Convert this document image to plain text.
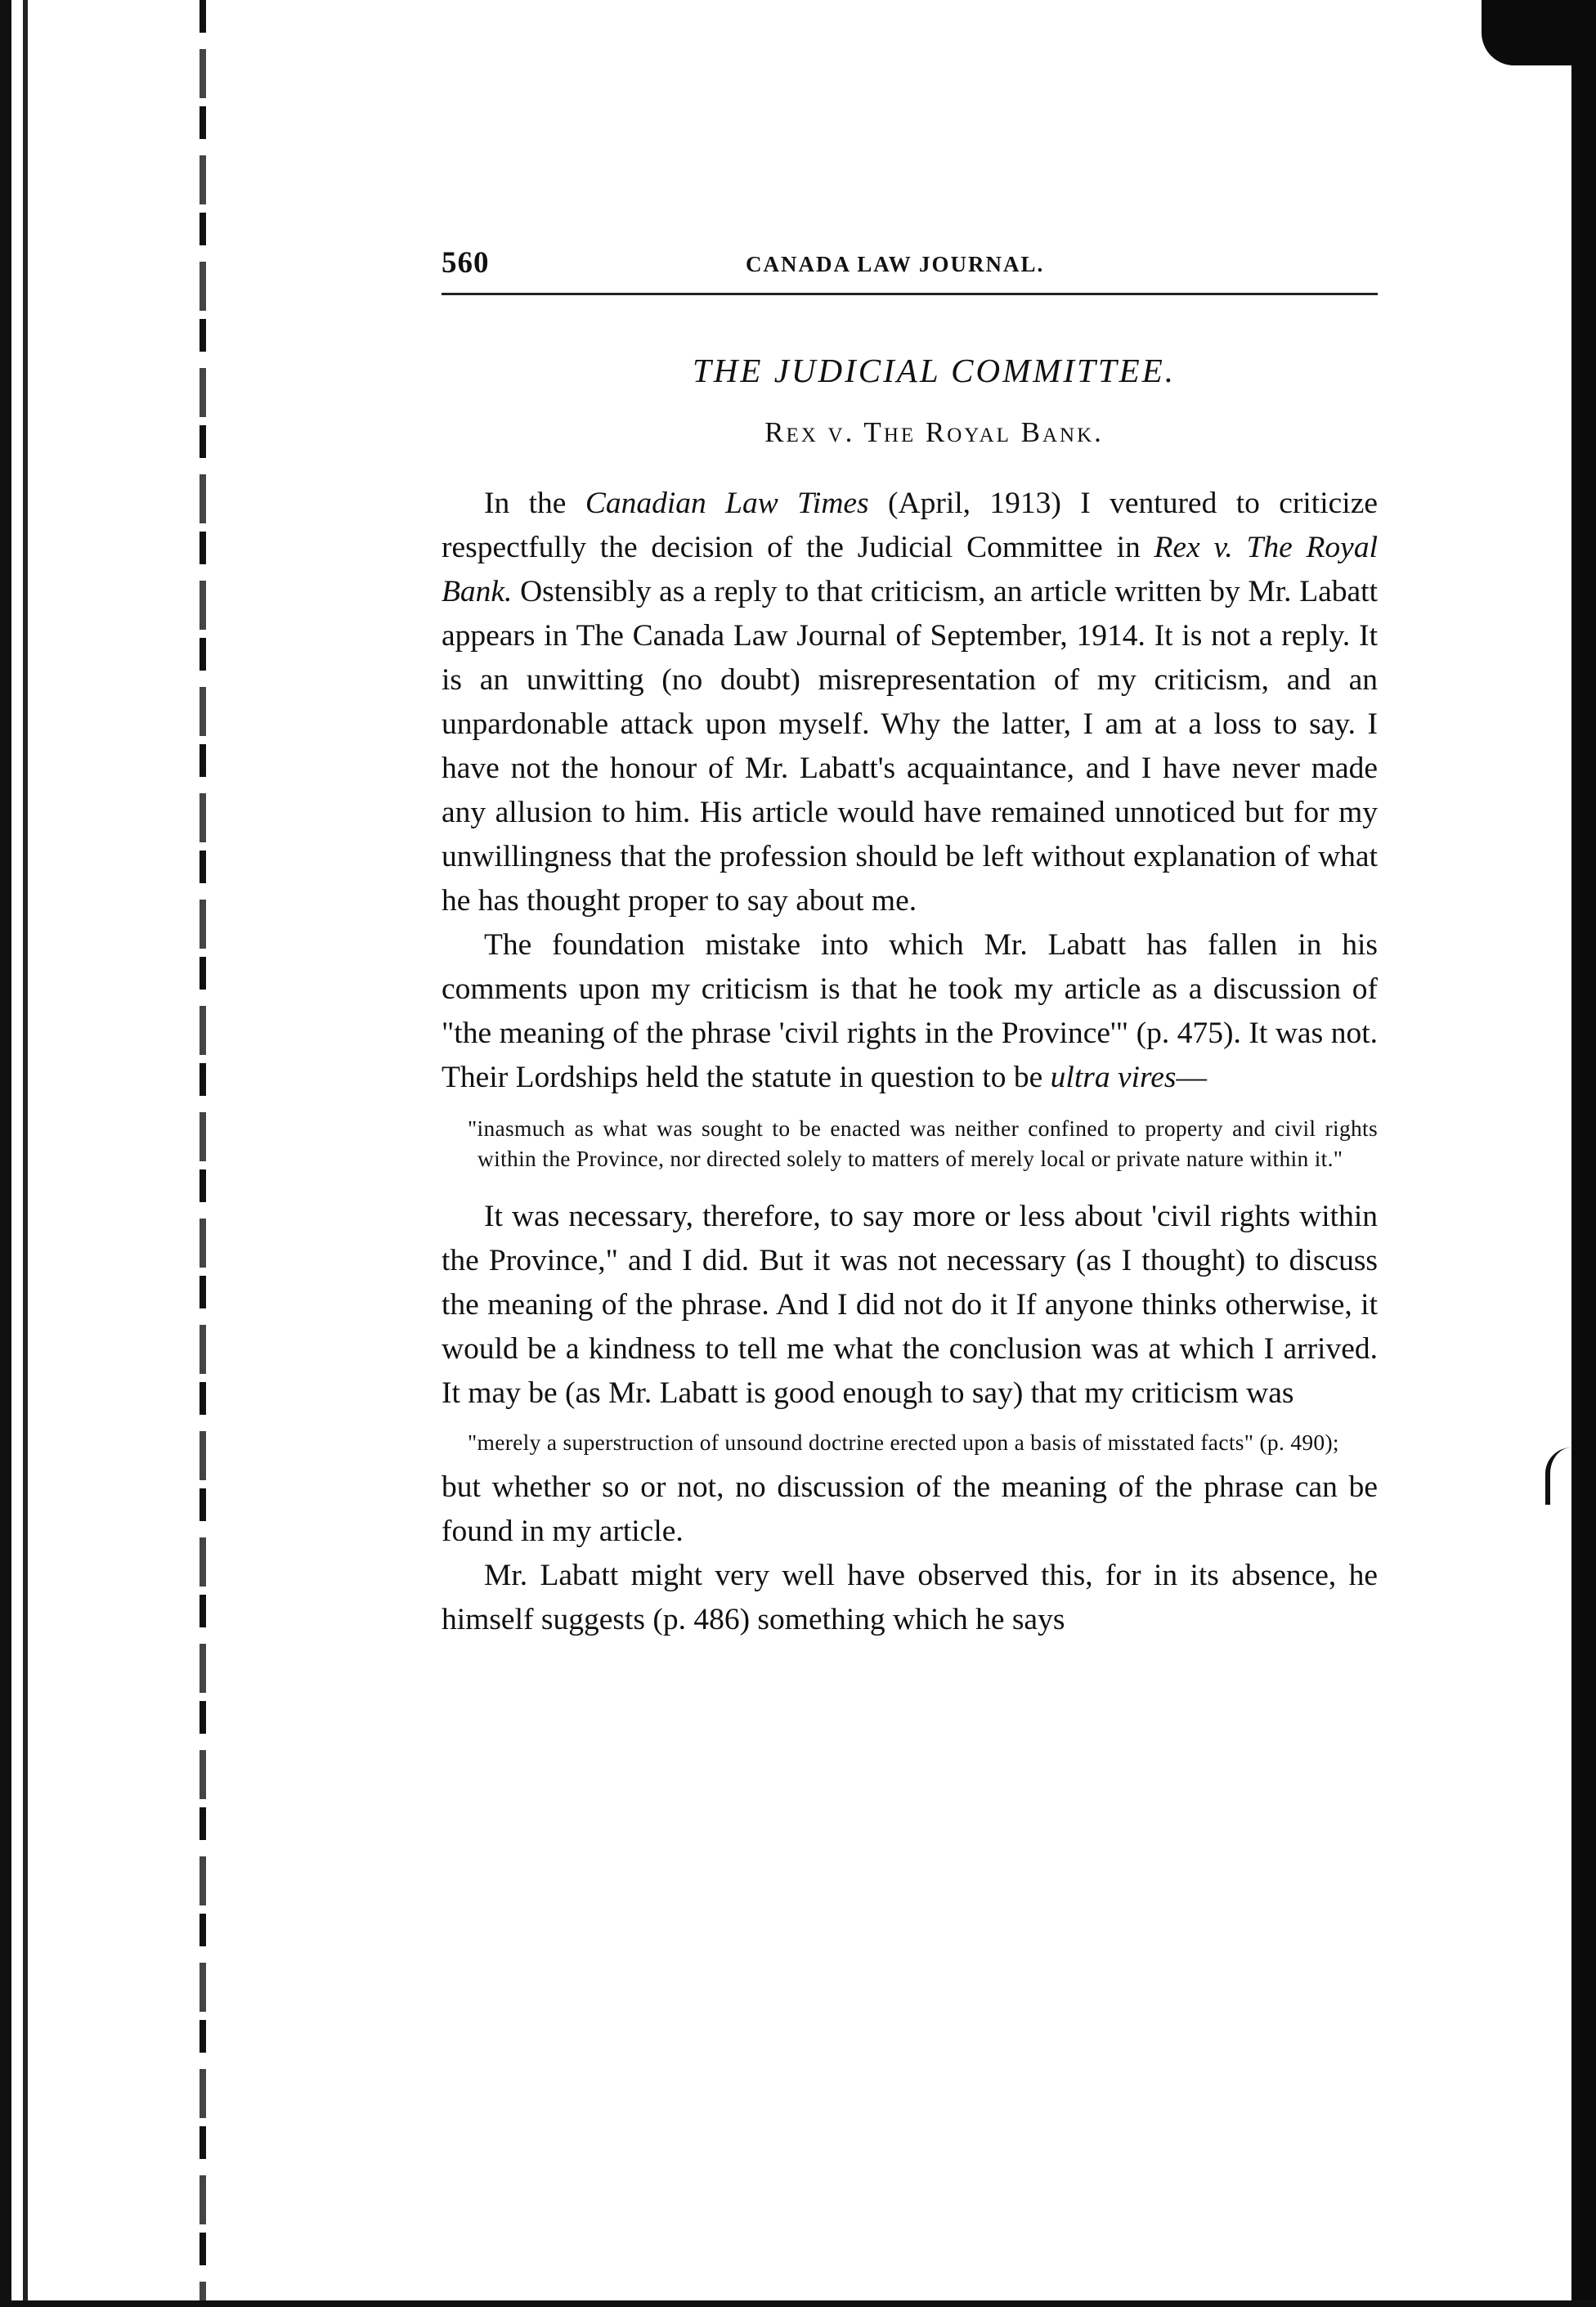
560	CANADA LAW JOURNAL.
THE JUDICIAL COMMITTEE.
Rex v. The Royal Bank.

In the Canadian Law Times (April, 1913) I ventured to criticize respectfully the decision of the Judicial Committee in Rex v. The Royal Bank. Ostensibly as a reply to that criticism, an article written by Mr. Labatt appears in The Canada Law Journal of September, 1914. It is not a reply. It is an unwitting (no doubt) misrepresentation of my criticism, and an unpardonable attack upon myself. Why the latter, I am at a loss to say. I have not the honour of Mr. Labatt's acquaintance, and I have never made any allusion to him. His article would have remained unnoticed but for my unwillingness that the profession should be left without explanation of what he has thought proper to say about me.

The foundation mistake into which Mr. Labatt has fallen in his comments upon my criticism is that he took my article as a discussion of "the meaning of the phrase 'civil rights in the Province'" (p. 475). It was not. Their Lordships held the statute in question to be ultra vires—

"inasmuch as what was sought to be enacted was neither confined to property and civil rights within the Province, nor directed solely to matters of merely local or private nature within it."

It was necessary, therefore, to say more or less about 'civil rights within the Province," and I did. But it was not necessary (as I thought) to discuss the meaning of the phrase. And I did not do it If anyone thinks otherwise, it would be a kindness to tell me what the conclusion was at which I arrived. It may be (as Mr. Labatt is good enough to say) that my criticism was

"merely a superstruction of unsound doctrine erected upon a basis of misstated facts" (p. 490);

but whether so or not, no discussion of the meaning of the phrase can be found in my article.

Mr. Labatt might very well have observed this, for in its absence, he himself suggests (p. 486) something which he says
